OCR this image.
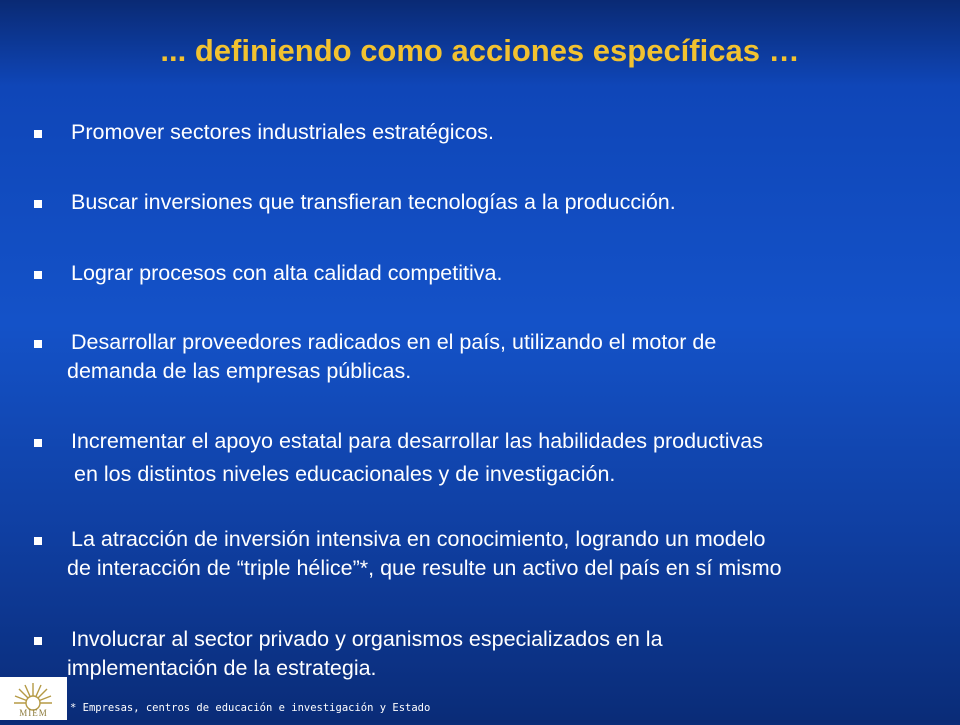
... definiendo como acciones específicas …
Promover sectores industriales estratégicos.
Buscar inversiones que transfieran tecnologías a la producción.
Lograr procesos con alta calidad competitiva.
Desarrollar proveedores radicados en el país, utilizando el motor de
demanda de las empresas públicas.
Incrementar el apoyo estatal para desarrollar las habilidades productivas
en los distintos niveles educacionales y de investigación.
La atracción de inversión intensiva en conocimiento, logrando un modelo
de interacción de “triple hélice”*, que resulte un activo del país en sí mismo
Involucrar al sector privado y organismos especializados en la
implementación de la estrategia.
MIEM	* Empresas, centros de educación e investigación y Estado
